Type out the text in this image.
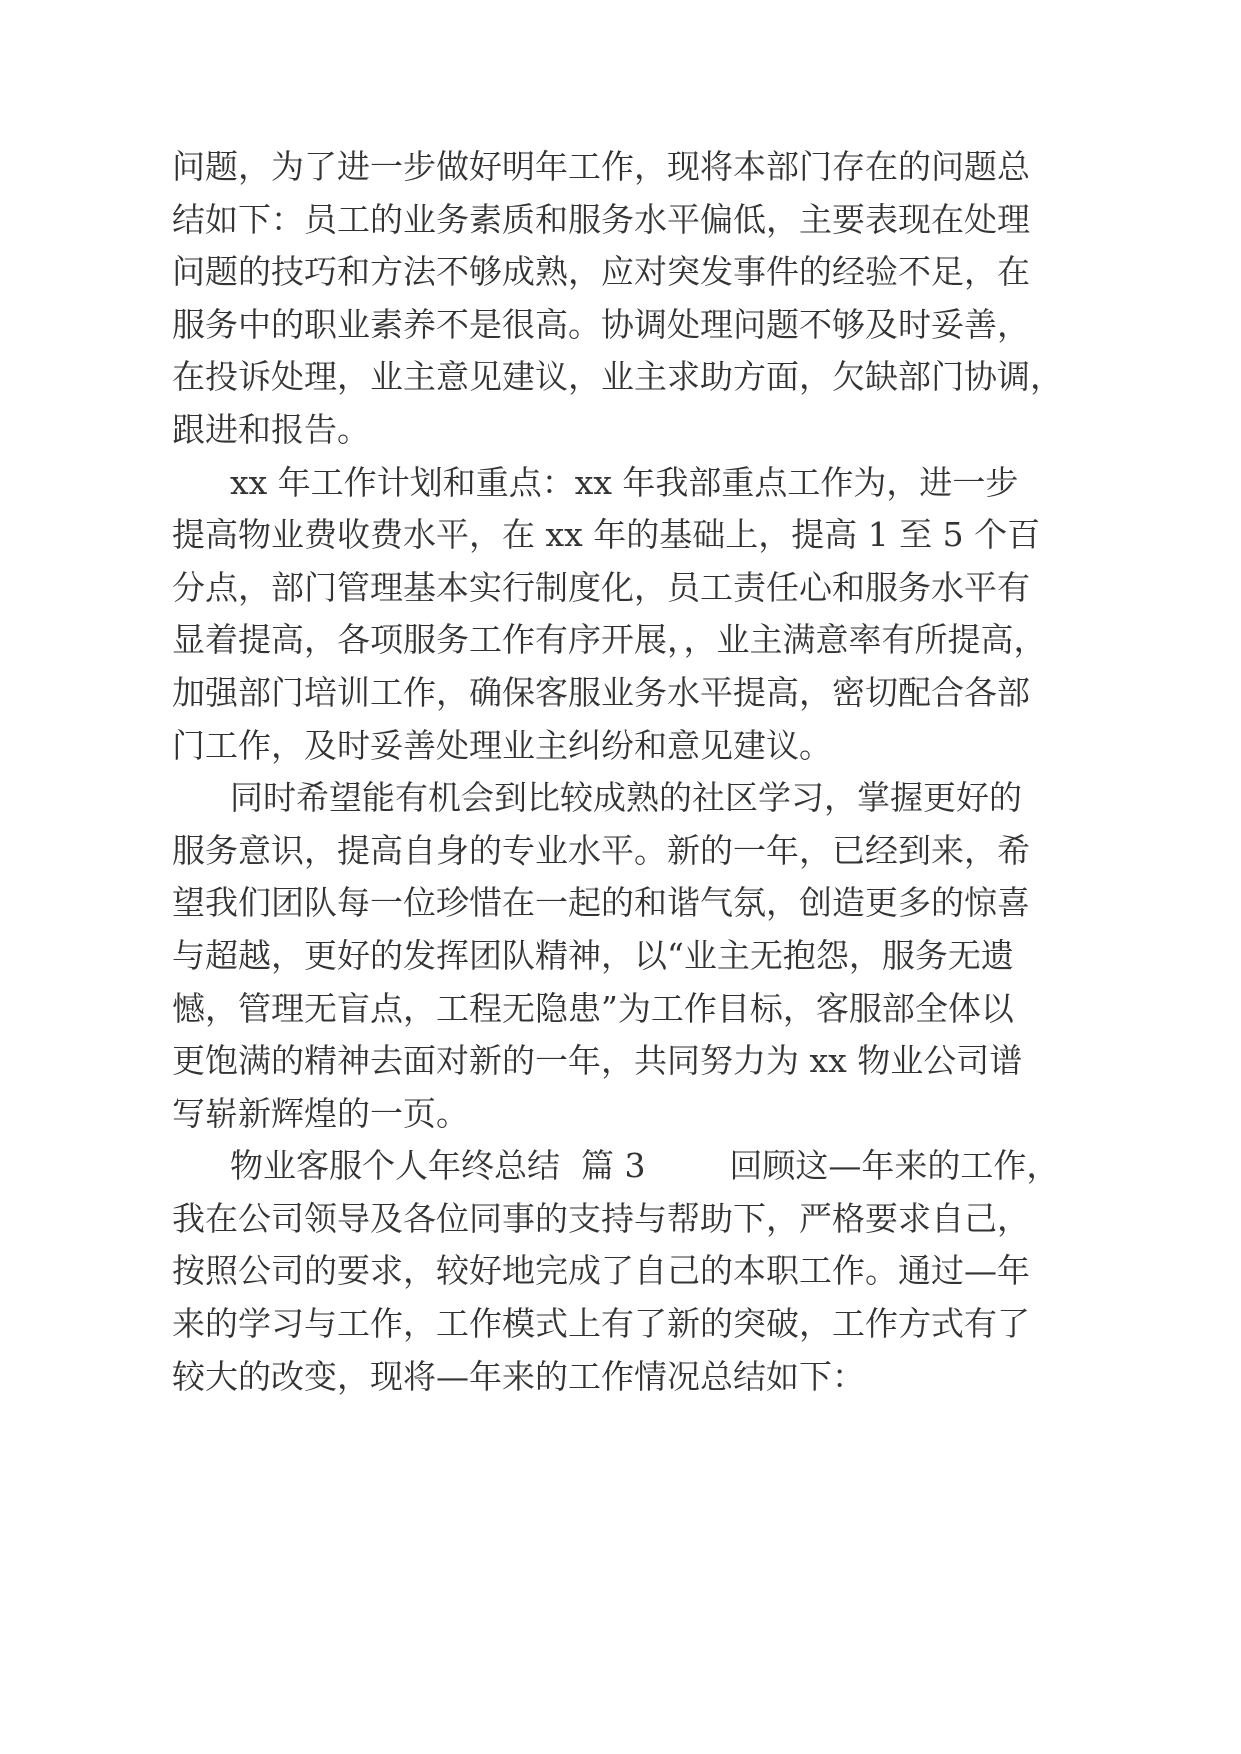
问题，为了进一步做好明年工作，现将本部门存在的问题总
结如下：员工的业务素质和服务水平偏低，主要表现在处理
问题的技巧和方法不够成熟，应对突发事件的经验不足，在
服务中的职业素养不是很高。协调处理问题不够及时妥善，
在投诉处理，业主意见建议，业主求助方面，欠缺部门协调，
跟进和报告。
xx 年工作计划和重点：xx 年我部重点工作为，进一步
提高物业费收费水平，在 xx 年的基础上，提高 1 至 5 个百
分点，部门管理基本实行制度化，员工责任心和服务水平有
显着提高，各项服务工作有序开展，，业主满意率有所提高，
加强部门培训工作，确保客服业务水平提高，密切配合各部
门工作，及时妥善处理业主纠纷和意见建议。
同时希望能有机会到比较成熟的社区学习，掌握更好的
服务意识，提高自身的专业水平。新的一年，已经到来，希
望我们团队每一位珍惜在一起的和谐气氛，创造更多的惊喜
与超越，更好的发挥团队精神，以“业主无抱怨，服务无遗
憾，管理无盲点，工程无隐患”为工作目标，客服部全体以
更饱满的精神去面对新的一年，共同努力为 xx 物业公司谱
写崭新辉煌的一页。
物业客服个人年终总结  篇 3        回顾这—年来的工作，
我在公司领导及各位同事的支持与帮助下，严格要求自己，
按照公司的要求，较好地完成了自己的本职工作。通过—年
来的学习与工作，工作模式上有了新的突破，工作方式有了
较大的改变，现将—年来的工作情况总结如下：
